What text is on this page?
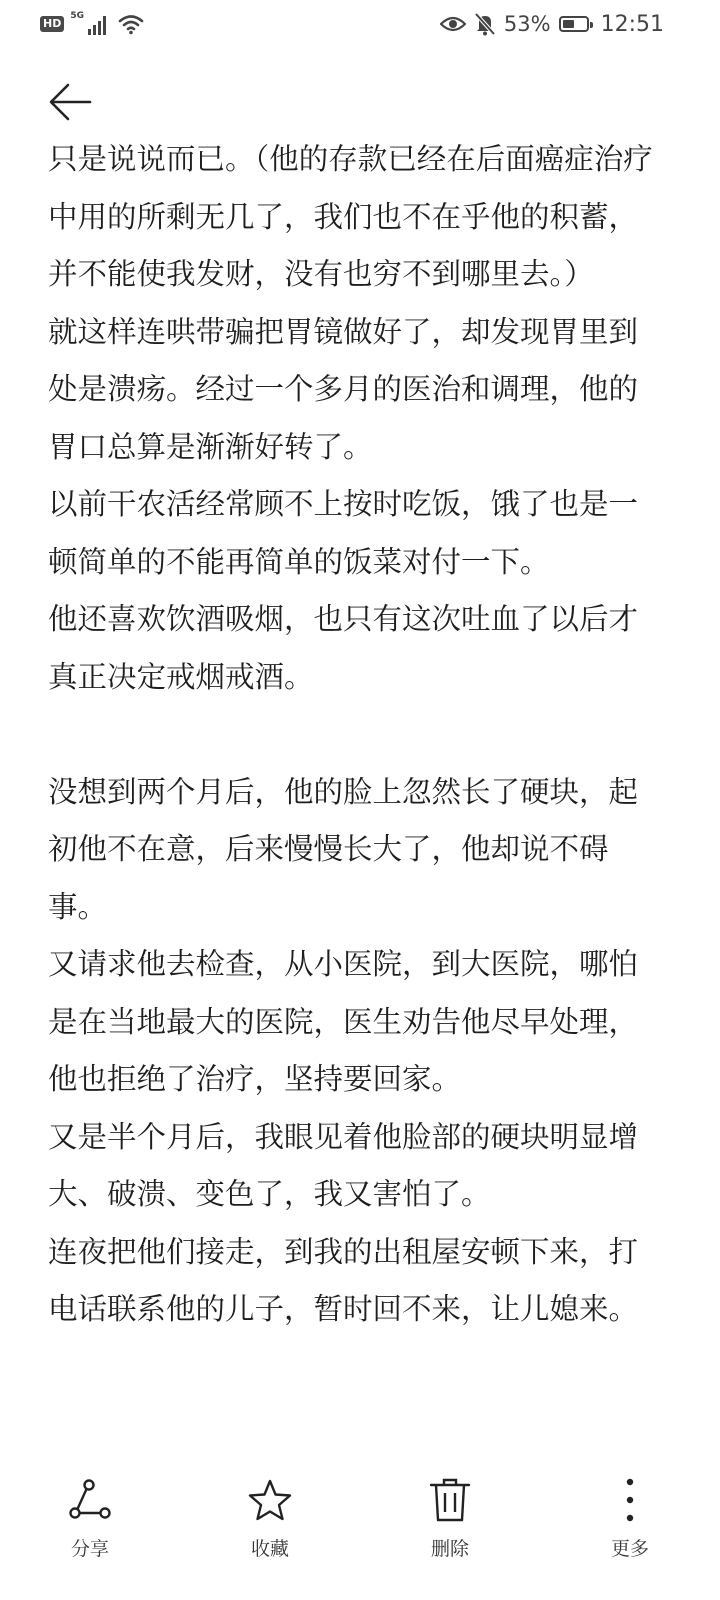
HD
5G	53% 12:51

只是说说而已。（他的存款已经在后面癌症治疗中用的所剩无几了，我们也不在乎他的积蓄，并不能使我发财，没有也穷不到哪里去。）

就这样连哄带骗把胃镜做好了，却发现胃里到处是溃疡。经过一个多月的医治和调理，他的胃口总算是渐渐好转了。

以前干农活经常顾不上按时吃饭，饿了也是一顿简单的不能再简单的饭菜对付一下。

他还喜欢饮酒吸烟，也只有这次吐血了以后才真正决定戒烟戒酒。

没想到两个月后，他的脸上忽然长了硬块，起初他不在意，后来慢慢长大了，他却说不碍事。

又请求他去检查，从小医院，到大医院，哪怕是在当地最大的医院，医生劝告他尽早处理，他也拒绝了治疗，坚持要回家。

又是半个月后，我眼见着他脸部的硬块明显增大、破溃、变色了，我又害怕了。

连夜把他们接走，到我的出租屋安顿下来，打电话联系他的儿子，暂时回不来，让儿媳来。

分享	收藏	删除	更多
